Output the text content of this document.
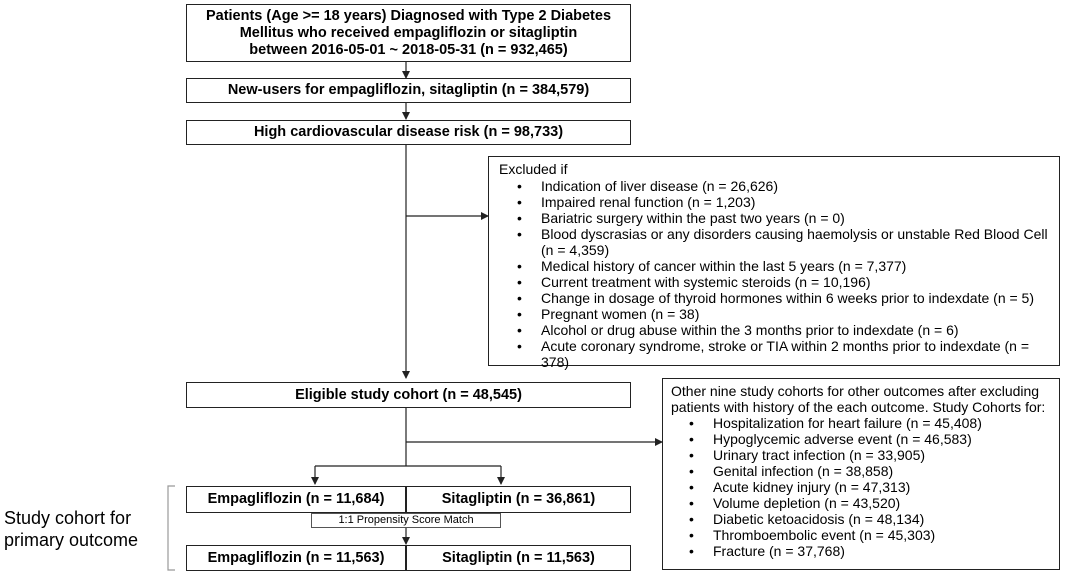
Patients (Age >= 18 years) Diagnosed with Type 2 Diabetes
Mellitus who received empagliflozin or sitagliptin
between 2016-05-01 ~ 2018-05-31 (n = 932,465)
New-users for empagliflozin, sitagliptin (n = 384,579)
High cardiovascular disease risk (n = 98,733)
Excluded if
• Indication of liver disease (n = 26,626)
• Impaired renal function (n = 1,203)
• Bariatric surgery within the past two years (n = 0)
• Blood dyscrasias or any disorders causing haemolysis or unstable Red Blood Cell (n = 4,359)
• Medical history of cancer within the last 5 years (n = 7,377)
• Current treatment with systemic steroids (n = 10,196)
• Change in dosage of thyroid hormones within 6 weeks prior to indexdate (n = 5)
• Pregnant women (n = 38)
• Alcohol or drug abuse within the 3 months prior to indexdate (n = 6)
• Acute coronary syndrome, stroke or TIA within 2 months prior to indexdate (n = 378)
Eligible study cohort (n = 48,545)	Other nine study cohorts for other outcomes after excluding
patients with history of the each outcome. Study Cohorts for:
• Hospitalization for heart failure (n = 45,408)
• Hypoglycemic adverse event (n = 46,583)
• Urinary tract infection (n = 33,905)
• Genital infection (n = 38,858)
• Acute kidney injury (n = 47,313)
• Volume depletion (n = 43,520)
• Diabetic ketoacidosis (n = 48,134)
• Thromboembolic event (n = 45,303)
• Fracture (n = 37,768)
Empagliflozin (n = 11,684)	Sitagliptin (n = 36,861)
1:1 Propensity Score Match
Empagliflozin (n = 11,563)	Sitagliptin (n = 11,563)
Study cohort for
primary outcome
